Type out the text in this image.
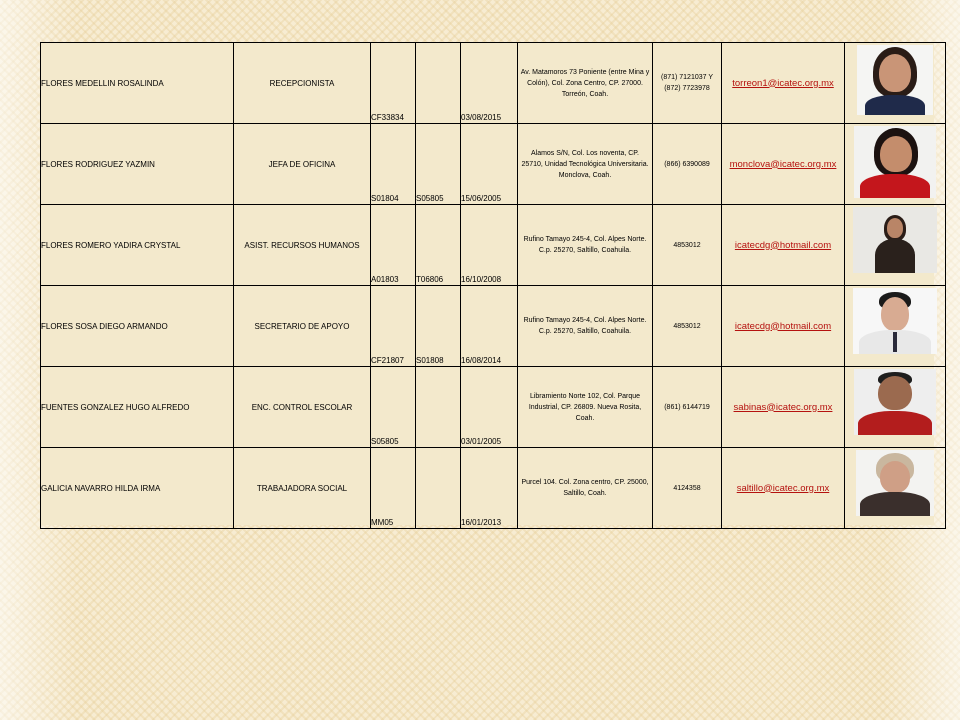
FLORES MEDELLIN ROSALINDA	RECEPCIONISTA	CF33834		03/08/2015	Av. Matamoros 73 Poniente (entre Mina y Colón), Col. Zona Centro, CP. 27000. Torreón, Coah.	(871) 7121037 Y (872) 7723978	torreon1@icatec.org.mx	

FLORES RODRIGUEZ YAZMIN	JEFA DE OFICINA	S01804	S05805	15/06/2005	Alamos S/N, Col. Los noventa, CP. 25710, Unidad Tecnológica Universitaria. Monclova, Coah.	(866) 6390089	monclova@icatec.org.mx	

FLORES ROMERO YADIRA CRYSTAL	ASIST. RECURSOS HUMANOS	A01803	T06806	16/10/2008	Rufino Tamayo 245-4, Col. Alpes Norte. C.p. 25270, Saltillo, Coahuila.	4853012	icatecdg@hotmail.com	

FLORES SOSA DIEGO ARMANDO	SECRETARIO DE APOYO	CF21807	S01808	16/08/2014	Rufino Tamayo 245-4, Col. Alpes Norte. C.p. 25270, Saltillo, Coahuila.	4853012	icatecdg@hotmail.com	

FUENTES GONZALEZ HUGO ALFREDO	ENC. CONTROL ESCOLAR	S05805		03/01/2005	Libramiento Norte 102, Col. Parque Industrial, CP. 26809. Nueva Rosita, Coah.	(861) 6144719	sabinas@icatec.org.mx	

GALICIA NAVARRO HILDA IRMA	TRABAJADORA SOCIAL	MM05		16/01/2013	Purcel 104. Col. Zona centro, CP. 25000, Saltillo, Coah.	4124358	saltillo@icatec.org.mx	
